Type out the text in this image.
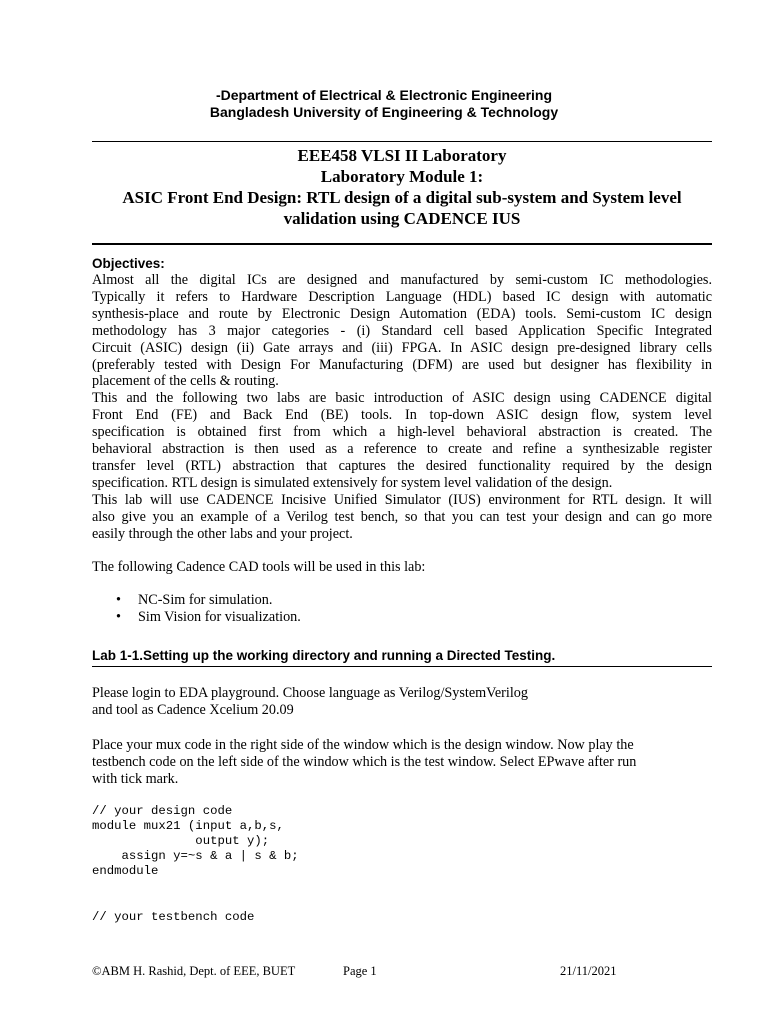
-Department of Electrical & Electronic Engineering
Bangladesh University of Engineering & Technology
EEE458 VLSI II Laboratory
Laboratory Module 1:
ASIC Front End Design: RTL design of a digital sub-system and System level
validation using CADENCE IUS
Objectives:
Almost all the digital ICs are designed and manufactured by semi-custom IC methodologies.
Typically it refers to Hardware Description Language (HDL) based IC design with automatic
synthesis-place and route by Electronic Design Automation (EDA) tools. Semi-custom IC design
methodology has 3 major categories - (i) Standard cell based Application Specific Integrated
Circuit (ASIC) design (ii) Gate arrays and (iii) FPGA. In ASIC design pre-designed library cells
(preferably tested with Design For Manufacturing (DFM) are used but designer has flexibility in
placement of the cells & routing.
This and the following two labs are basic introduction of ASIC design using CADENCE digital
Front End (FE) and Back End (BE) tools. In top-down ASIC design flow, system level
specification is obtained first from which a high-level behavioral abstraction is created. The
behavioral abstraction is then used as a reference to create and refine a synthesizable register
transfer level (RTL) abstraction that captures the desired functionality required by the design
specification. RTL design is simulated extensively for system level validation of the design.
This lab will use CADENCE Incisive Unified Simulator (IUS) environment for RTL design. It will
also give you an example of a Verilog test bench, so that you can test your design and can go more
easily through the other labs and your project.
The following Cadence CAD tools will be used in this lab:
• NC-Sim for simulation.
• Sim Vision for visualization.
Lab 1-1.Setting up the working directory and running a Directed Testing.
Please login to EDA playground. Choose language as Verilog/SystemVerilog
and tool as Cadence Xcelium 20.09
Place your mux code in the right side of the window which is the design window. Now play the
testbench code on the left side of the window which is the test window. Select EPwave after run
with tick mark.
// your design code
module mux21 (input a,b,s,
output y);
assign y=~s & a | s & b;
endmodule
// your testbench code
©ABM H. Rashid, Dept. of EEE, BUET	Page 1	21/11/2021
